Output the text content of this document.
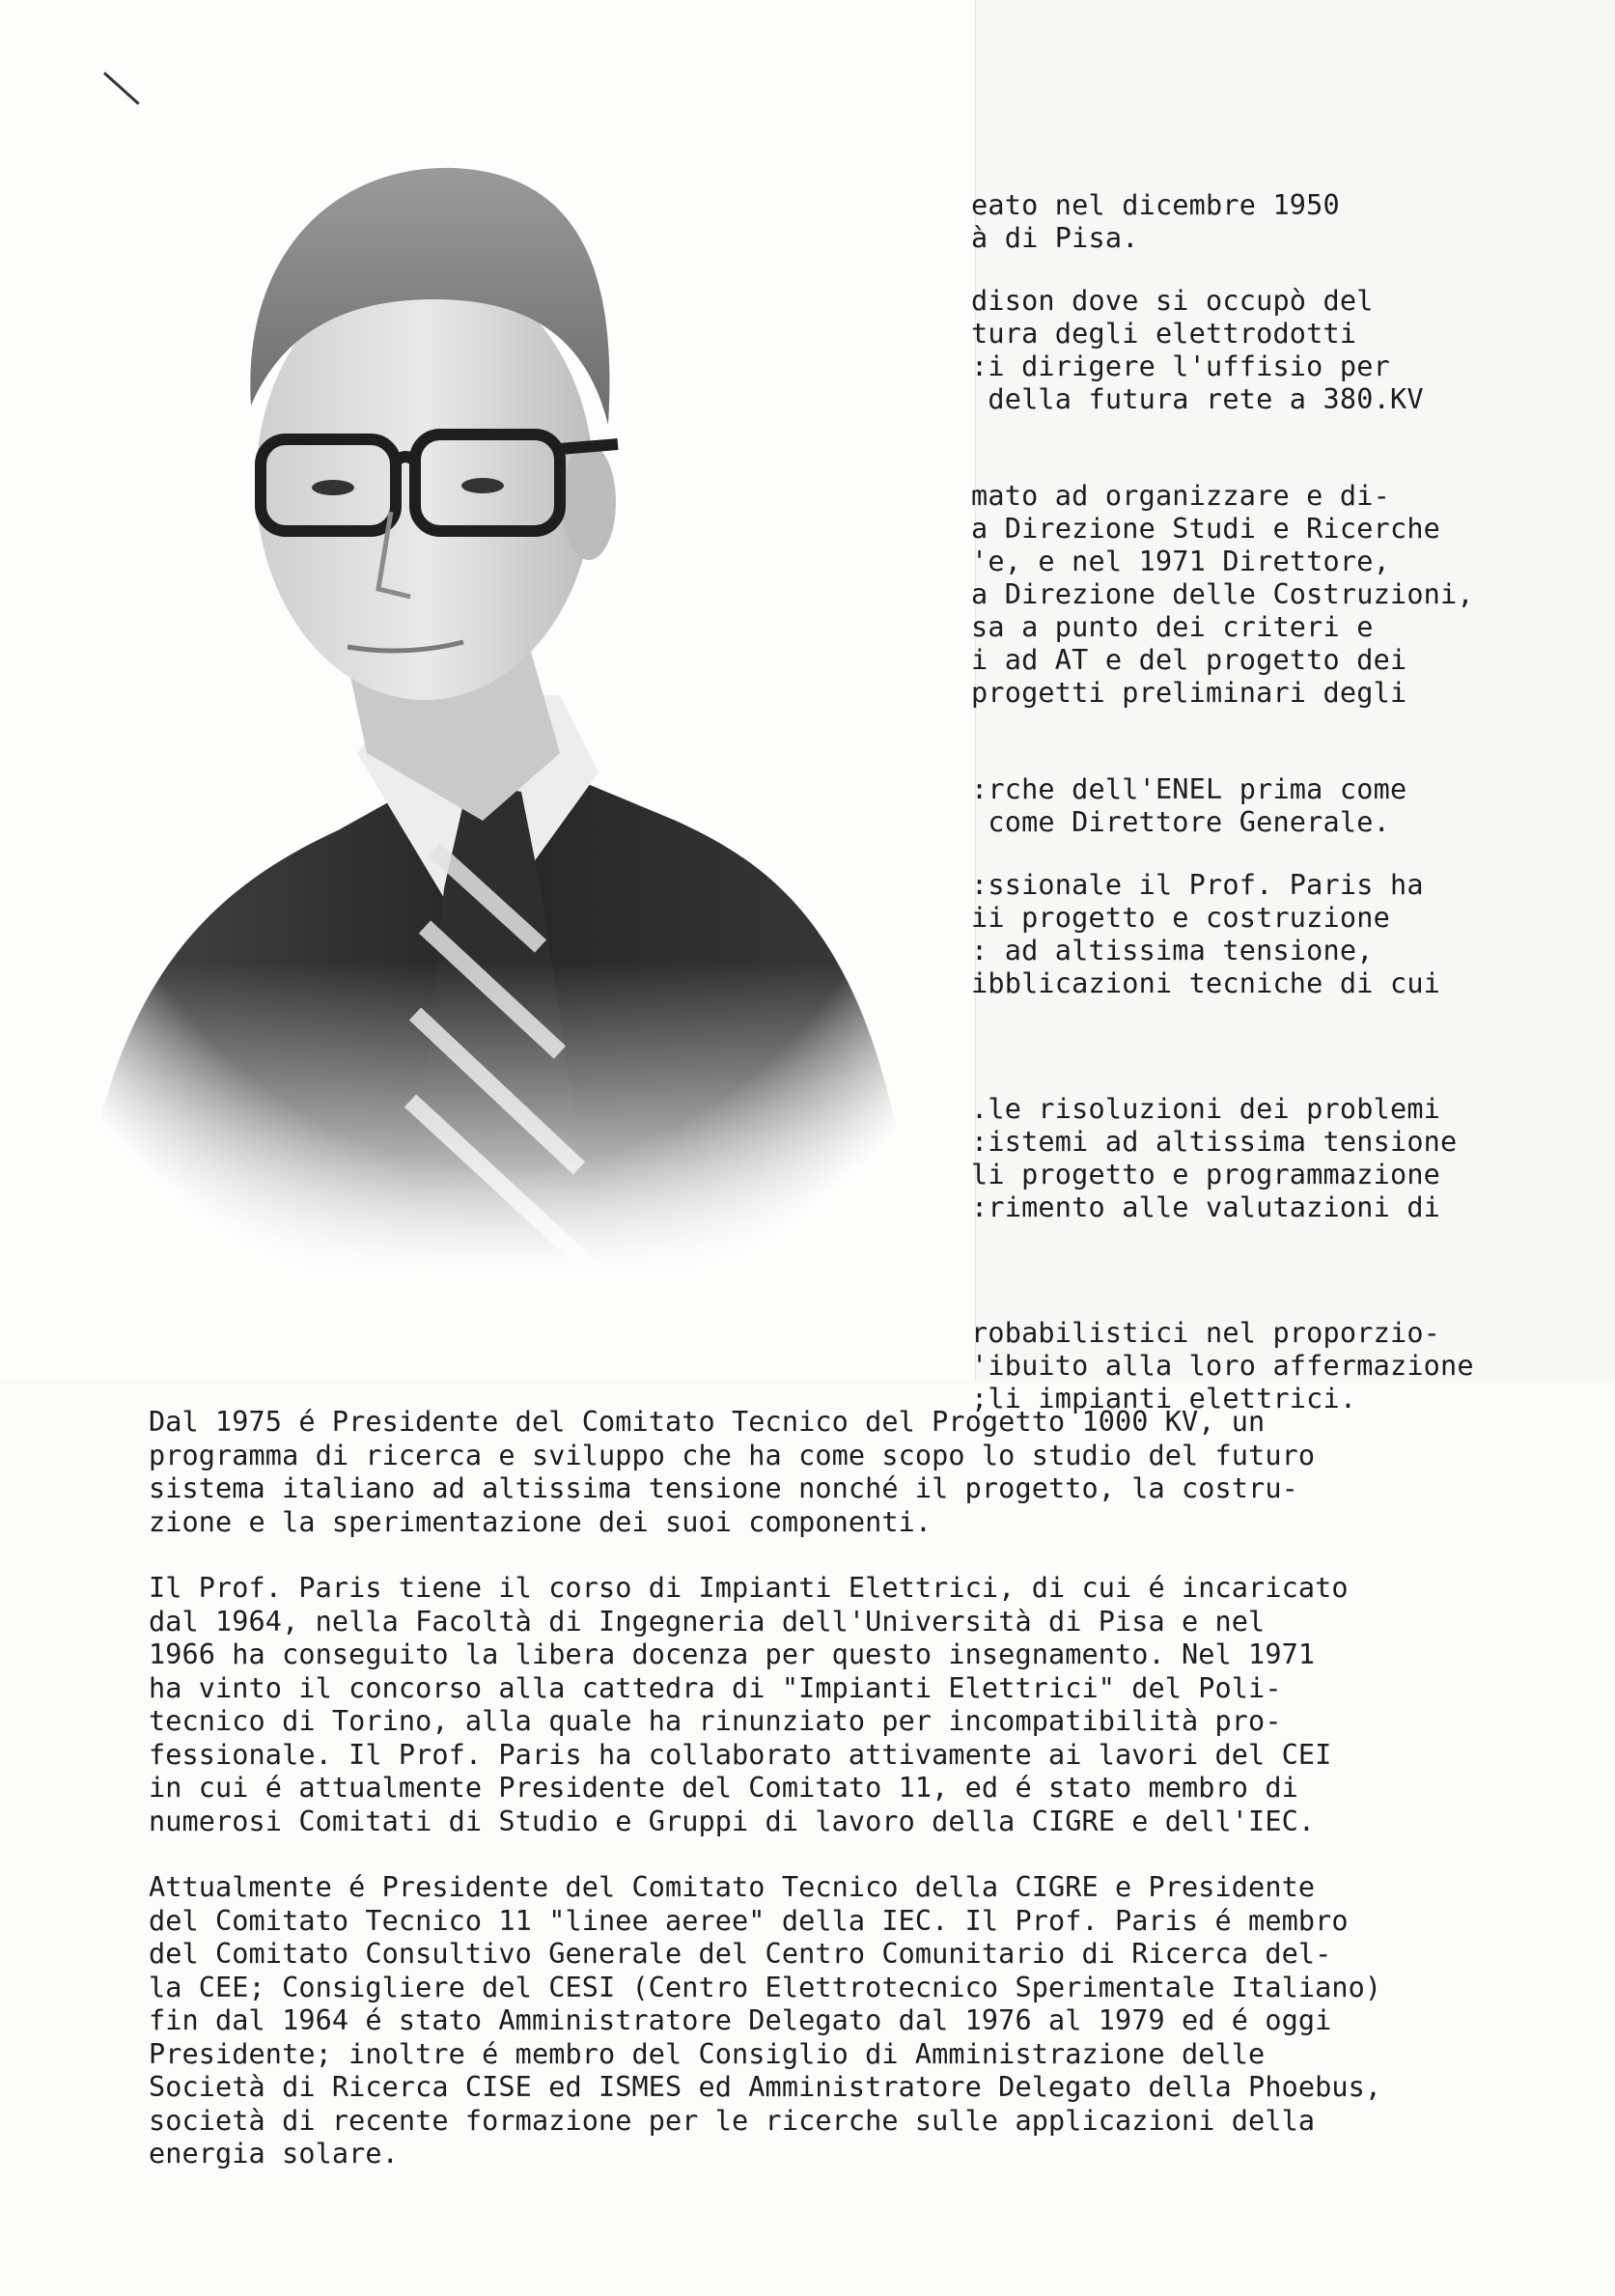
eato nel dicembre 1950
à di Pisa.
dison dove si occupò del
tura degli elettrodotti
:i dirigere l'uffisio per
della futura rete a 380.KV
mato ad organizzare e di-
a Direzione Studi e Ricerche
'e, e nel 1971 Direttore,
a Direzione delle Costruzioni,
sa a punto dei criteri e
i ad AT e del progetto dei
progetti preliminari degli
:rche dell'ENEL prima come
come Direttore Generale.
:ssionale il Prof. Paris ha
ii progetto e costruzione
: ad altissima tensione,
ibblicazioni tecniche di cui
.le risoluzioni dei problemi
:istemi ad altissima tensione
li progetto e programmazione
:rimento alle valutazioni di
robabilistici nel proporzio-
'ibuito alla loro affermazione
;li impianti elettrici.
Dal 1975 é Presidente del Comitato Tecnico del Progetto 1000 KV, un
programma di ricerca e sviluppo che ha come scopo lo studio del futuro
sistema italiano ad altissima tensione nonché il progetto, la costru-
zione e la sperimentazione dei suoi componenti.
Il Prof. Paris tiene il corso di Impianti Elettrici, di cui é incaricato
dal 1964, nella Facoltà di Ingegneria dell'Università di Pisa e nel
1966 ha conseguito la libera docenza per questo insegnamento. Nel 1971
ha vinto il concorso alla cattedra di "Impianti Elettrici" del Poli-
tecnico di Torino, alla quale ha rinunziato per incompatibilità pro-
fessionale. Il Prof. Paris ha collaborato attivamente ai lavori del CEI
in cui é attualmente Presidente del Comitato 11, ed é stato membro di
numerosi Comitati di Studio e Gruppi di lavoro della CIGRE e dell'IEC.
Attualmente é Presidente del Comitato Tecnico della CIGRE e Presidente
del Comitato Tecnico 11 "linee aeree" della IEC. Il Prof. Paris é membro
del Comitato Consultivo Generale del Centro Comunitario di Ricerca del-
la CEE; Consigliere del CESI (Centro Elettrotecnico Sperimentale Italiano)
fin dal 1964 é stato Amministratore Delegato dal 1976 al 1979 ed é oggi
Presidente; inoltre é membro del Consiglio di Amministrazione delle
Società di Ricerca CISE ed ISMES ed Amministratore Delegato della Phoebus,
società di recente formazione per le ricerche sulle applicazioni della
energia solare.
